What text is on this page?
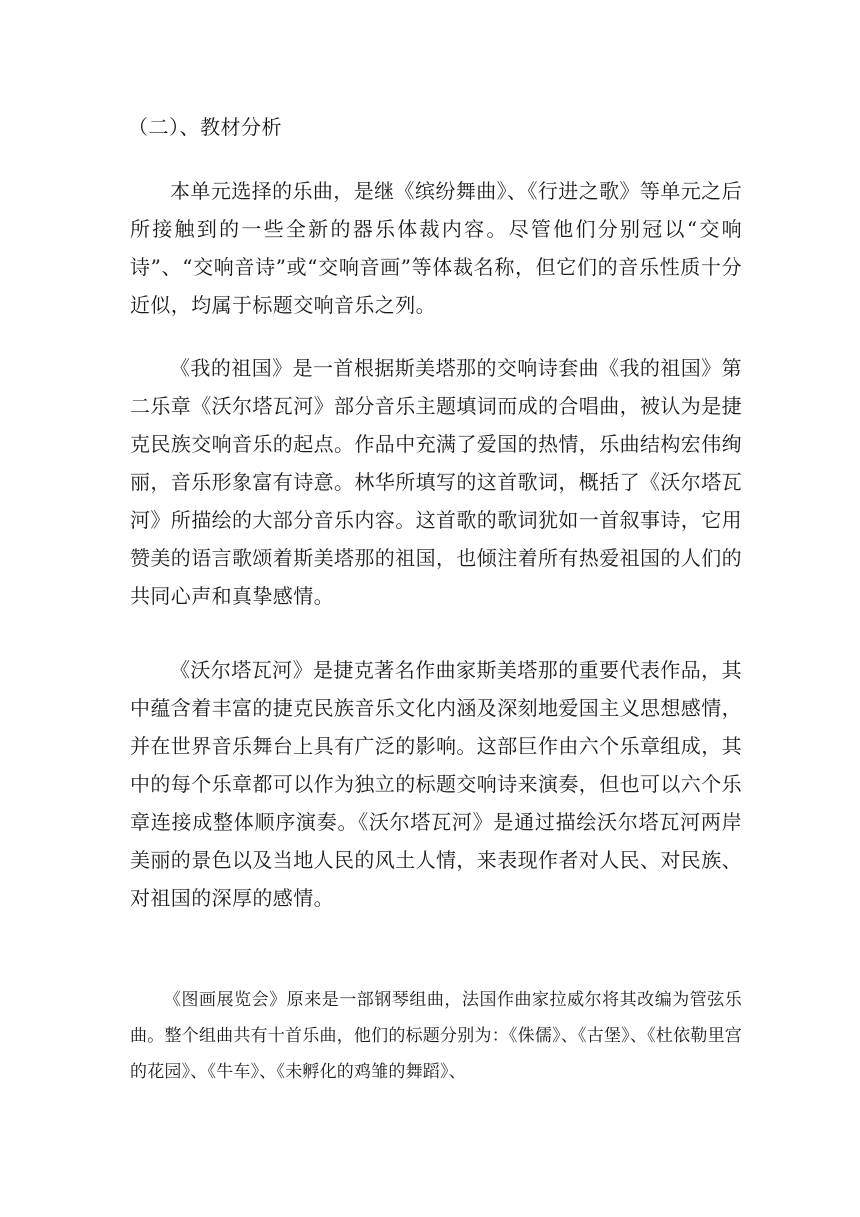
（二）、教材分析

本单元选择的乐曲，是继《缤纷舞曲》、《行进之歌》等单元之后所接触到的一些全新的器乐体裁内容。尽管他们分别冠以“交响诗”、“交响音诗”或“交响音画”等体裁名称，但它们的音乐性质十分近似，均属于标题交响音乐之列。

《我的祖国》是一首根据斯美塔那的交响诗套曲《我的祖国》第二乐章《沃尔塔瓦河》部分音乐主题填词而成的合唱曲，被认为是捷克民族交响音乐的起点。作品中充满了爱国的热情，乐曲结构宏伟绚丽，音乐形象富有诗意。林华所填写的这首歌词，概括了《沃尔塔瓦河》所描绘的大部分音乐内容。这首歌的歌词犹如一首叙事诗，它用赞美的语言歌颂着斯美塔那的祖国，也倾注着所有热爱祖国的人们的共同心声和真挚感情。

《沃尔塔瓦河》是捷克著名作曲家斯美塔那的重要代表作品，其中蕴含着丰富的捷克民族音乐文化内涵及深刻地爱国主义思想感情，并在世界音乐舞台上具有广泛的影响。这部巨作由六个乐章组成，其中的每个乐章都可以作为独立的标题交响诗来演奏，但也可以六个乐章连接成整体顺序演奏。《沃尔塔瓦河》是通过描绘沃尔塔瓦河两岸美丽的景色以及当地人民的风土人情，来表现作者对人民、对民族、对祖国的深厚的感情。

《图画展览会》原来是一部钢琴组曲，法国作曲家拉威尔将其改编为管弦乐曲。整个组曲共有十首乐曲，他们的标题分别为：《侏儒》、《古堡》、《杜依勒里宫的花园》、《牛车》、《未孵化的鸡雏的舞蹈》、
